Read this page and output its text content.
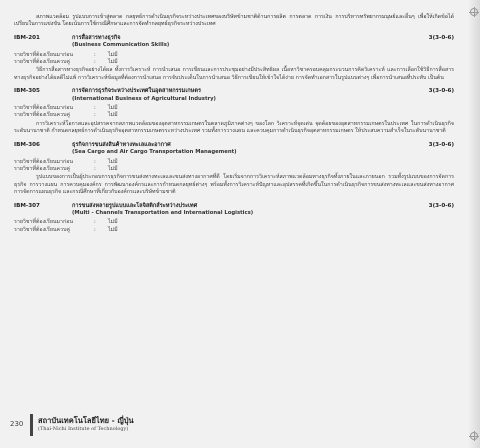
สภาพแวดล้อม รูปแบบการเข้าสู่ตลาด กลยุทธ์การดำเนินธุรกิจระหว่างประเทศของบริษัทข้ามชาติด้านการผลิต การตลาด การเงิน การบริหารทรัพยากรมนุษย์และอื่นๆ เพื่อให้เกิดข้อได้เปรียบในการแข่งขัน โดยเน้นการใช้กรณีศึกษาและการจัดทำกลยุทธ์ธุรกิจระหว่างประเทศ

IBM-201	การสื่อสารทางธุรกิจ	3(3-0-6)
(Business Communication Skills)
รายวิชาที่ต้องเรียนมาก่อน	:	ไม่มี
รายวิชาที่ต้องเรียนควบคู่	:	ไม่มี
วิธีการสื่อสารทางธุรกิจอย่างได้ผล ทั้งการวิเคราะห์ การนำเสนอ การเขียนและการประชุมอย่างมีประสิทธิผล เนื้อหาวิชาครอบคลุมกระบวนการคิดวิเคราะห์ และการเลือกใช้วิธีการสื่อสารทางธุรกิจอย่างได้ผลดีไม่แพ้ การวิเคราะห์ข้อมูลที่ต้องการนำเสนอ การจับประเด็นในการนำเสนอ วิธีการเขียนให้เข้าใจได้ง่าย การจัดทำเอกสารในรูปแบบต่างๆ เพื่อการนำเสนอที่ประทับ เป็นต้น
IBM-305	การจัดการธุรกิจระหว่างประเทศในอุตสาหกรรมเกษตร	3(3-0-6)
(International Business of Agricultural Industry)
รายวิชาที่ต้องเรียนมาก่อน	:	ไม่มี
รายวิชาที่ต้องเรียนควบคู่	:	ไม่มี
การวิเคราะห์โอกาสและอุปสรรคจากสภาพแวดล้อมของอุตสาหกรรมเกษตรในตลาดภูมิภาคต่างๆ ของโลก วิเคราะห์จุดเด่น จุดด้อยของอุตสาหกรรมเกษตรในประเทศ ในการดำเนินธุรกิจระดับนานาชาติ กำหนดกลยุทธ์การดำเนินธุรกิจอุตสาหกรรมเกษตรระหว่างประเทศ รวมทั้งการวางแผน และควบคุมการดำเนินธุรกิจอุตสาหกรรมเกษตร ให้ประสบความสำเร็จในระดับนานาชาติ
IBM-306	ธุรกิจการขนส่งสินค้าทางทะเลและอากาศ	3(3-0-6)
(Sea Cargo and Air Cargo Transportation Management)
รายวิชาที่ต้องเรียนมาก่อน	:	ไม่มี
รายวิชาที่ต้องเรียนควบคู่	:	ไม่มี
รูปแบบของการเป็นผู้ประกอบการธุรกิจการขนส่งทางทะเลและขนส่งทางอากาศที่ดี โดยเริ่มจากการวิเคราะห์สภาพแวดล้อมทางธุรกิจทั้งภายในและภายนอก รวมทั้งรูปแบบของการจัดการธุรกิจ การวางแผน การควบคุมองค์กร การพัฒนาองค์กรและการกำหนดกลยุทธ์ต่างๆ พร้อมทั้งการวิเคราะห์ปัญหาและอุปสรรคที่เกิดขึ้นในการดำเนินธุรกิจการขนส่งทางทะเลและขนส่งทางอากาศการจัดการแผนธุรกิจ และกรณีศึกษาที่เกี่ยวกับองค์กรและบริษัทข้ามชาติ
IBM-307	การขนส่งหลายรูปแบบและโลจิสติกส์ระหว่างประเทศ	3(3-0-6)
(Multi - Channels Transportation and International Logistics)
รายวิชาที่ต้องเรียนมาก่อน	:	ไม่มี
รายวิชาที่ต้องเรียนควบคู่	:	ไม่มี
230	สถาบันเทคโนโลยีไทย - ญี่ปุ่น
(Thai-Nichi Institute of Technology)
